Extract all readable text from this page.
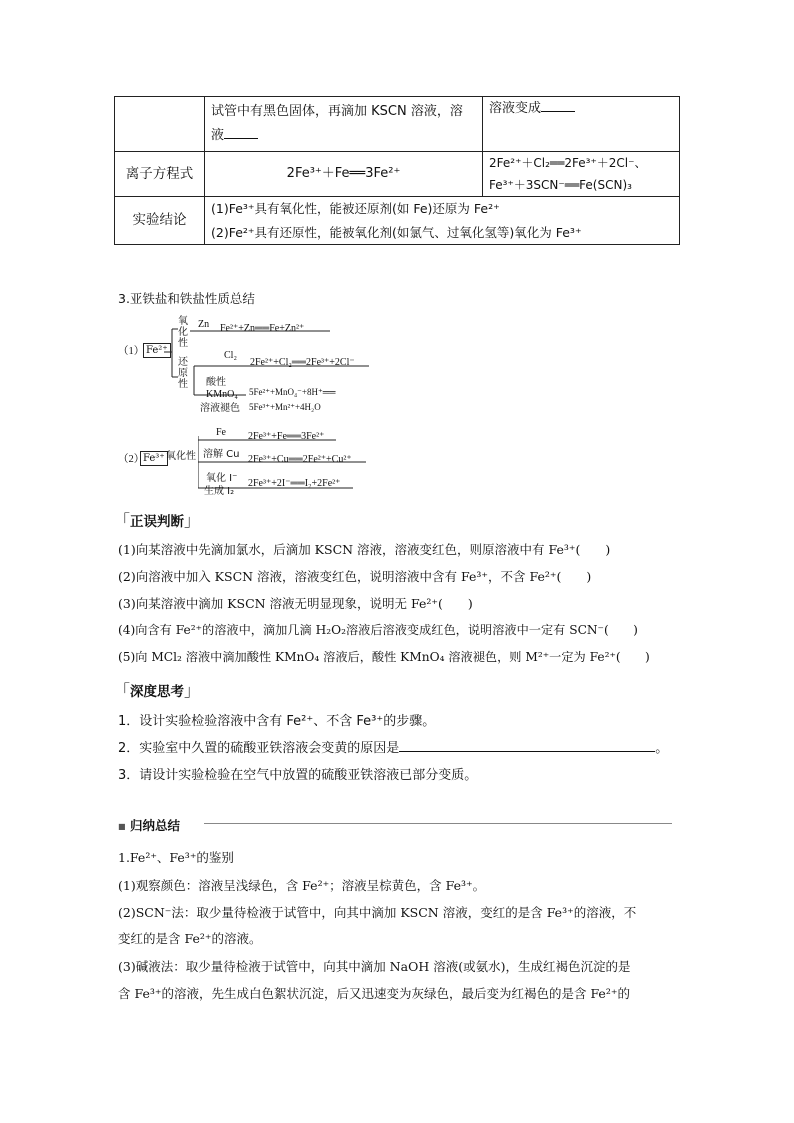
	试管中有黑色固体，再滴加 KSCN 溶液，溶
液	溶液变成
离子方程式	2Fe³⁺＋Fe══3Fe²⁺	2Fe²⁺＋Cl₂══2Fe³⁺＋2Cl⁻、
Fe³⁺＋3SCN⁻══Fe(SCN)₃
实验结论	(1)Fe³⁺具有氧化性，能被还原剂(如 Fe)还原为 Fe²⁺
(2)Fe²⁺具有还原性，能被氧化剂(如氯气、过氧化氢等)氧化为 Fe³⁺	
3.亚铁盐和铁盐性质总结
（1） Fe²⁺
氧化性
还原性
Zn Fe²⁺+Zn══Fe+Zn²⁺
Cl₂
2Fe²⁺+Cl₂══2Fe³⁺+2Cl⁻
酸性
KMnO₄
溶液褪色
5Fe²⁺+MnO₄⁻+8H⁺══
5Fe³⁺+Mn²⁺+4H₂O
（2）
Fe³⁺ 氧化性
Fe 2Fe³⁺+Fe══3Fe²⁺
溶解 Cu 2Fe³⁺+Cu══2Fe²⁺+Cu²⁺
氧化 I⁻
生成 I₂
2Fe³⁺+2I⁻══I₂+2Fe²⁺
「正误判断」
(1)向某溶液中先滴加氯水，后滴加 KSCN 溶液，溶液变红色，则原溶液中有 Fe³⁺(　　)
(2)向溶液中加入 KSCN 溶液，溶液变红色，说明溶液中含有 Fe³⁺，不含 Fe²⁺(　　)
(3)向某溶液中滴加 KSCN 溶液无明显现象，说明无 Fe²⁺(　　)
(4)向含有 Fe²⁺的溶液中，滴加几滴 H₂O₂溶液后溶液变成红色，说明溶液中一定有 SCN⁻(　　)
(5)向 MCl₂ 溶液中滴加酸性 KMnO₄ 溶液后，酸性 KMnO₄ 溶液褪色，则 M²⁺一定为 Fe²⁺(　　)
「深度思考」
1．设计实验检验溶液中含有 Fe²⁺、不含 Fe³⁺的步骤。
2．实验室中久置的硫酸亚铁溶液会变黄的原因是	。
3．请设计实验检验在空气中放置的硫酸亚铁溶液已部分变质。
■ 归纳总结
1.Fe²⁺、Fe³⁺的鉴别
(1)观察颜色：溶液呈浅绿色，含 Fe²⁺；溶液呈棕黄色，含 Fe³⁺。
(2)SCN⁻法：取少量待检液于试管中，向其中滴加 KSCN 溶液，变红的是含 Fe³⁺的溶液，不
变红的是含 Fe²⁺的溶液。
(3)碱液法：取少量待检液于试管中，向其中滴加 NaOH 溶液(或氨水)，生成红褐色沉淀的是
含 Fe³⁺的溶液，先生成白色絮状沉淀，后又迅速变为灰绿色，最后变为红褐色的是含 Fe²⁺的
